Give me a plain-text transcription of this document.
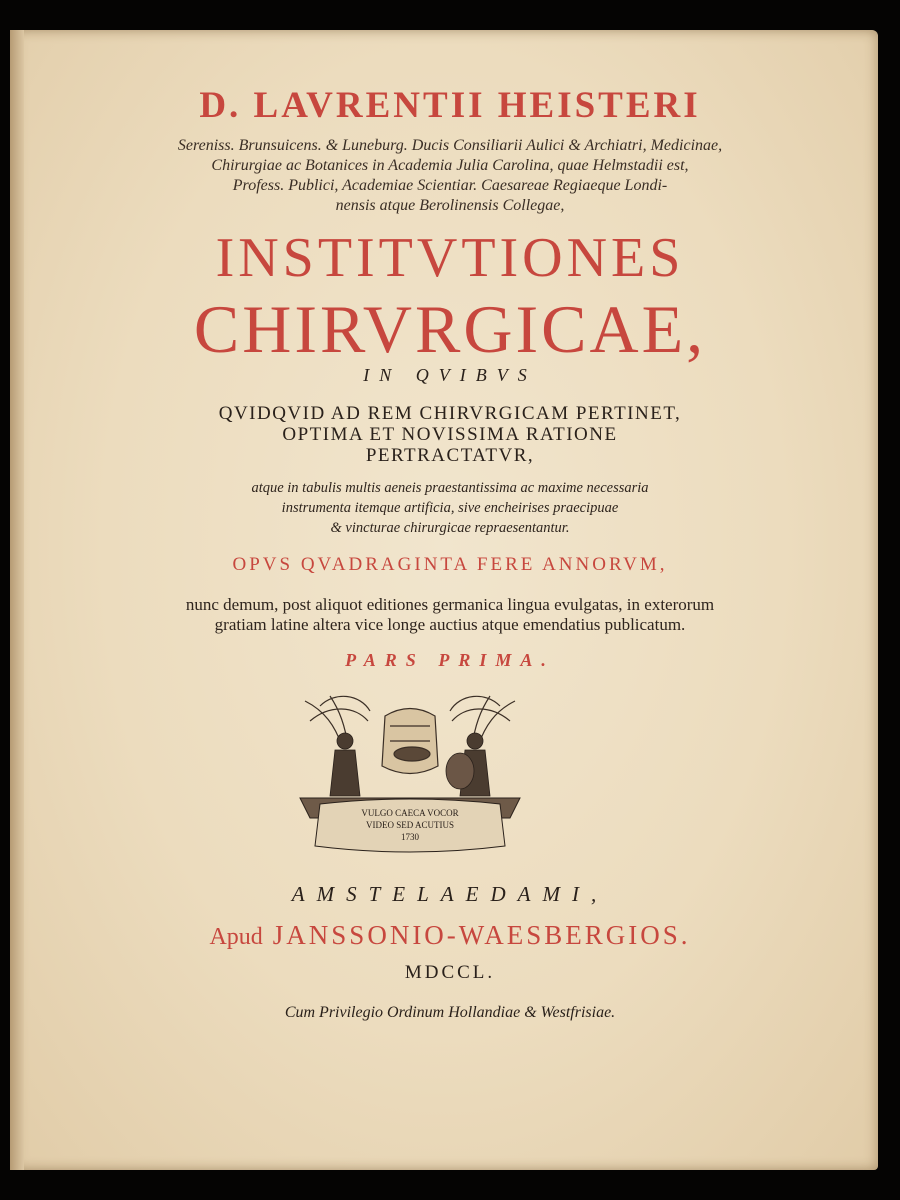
D. LAVRENTII HEISTERI
Sereniss. Brunsuicens. & Luneburg. Ducis Consiliarii Aulici & Archiatri, Medicinae,
Chirurgiae ac Botanices in Academia Julia Carolina, quae Helmstadii est,
Profess. Publici, Academiae Scientiar. Caesareae Regiaeque Londi-
nensis atque Berolinensis Collegae,
INSTITVTIONES
CHIRVRGICAE,
IN QVIBVS
QVIDQVID AD REM CHIRVRGICAM PERTINET,
OPTIMA ET NOVISSIMA RATIONE
PERTRACTATVR,
atque in tabulis multis aeneis praestantissima ac maxime necessaria
instrumenta itemque artificia, sive encheirises praecipuae
& vincturae chirurgicae repraesentantur.
OPVS QVADRAGINTA FERE ANNORVM,
nunc demum, post aliquot editiones germanica lingua evulgatas, in exterorum
gratiam latine altera vice longe auctius atque emendatius publicatum.
PARS PRIMA.
VULGO CAECA VOCOR
VIDEO SED ACUTIUS
1730
AMSTELAEDAMI,
Apud JANSSONIO-WAESBERGIOS.
MDCCL.
Cum Privilegio Ordinum Hollandiae & Westfrisiae.
